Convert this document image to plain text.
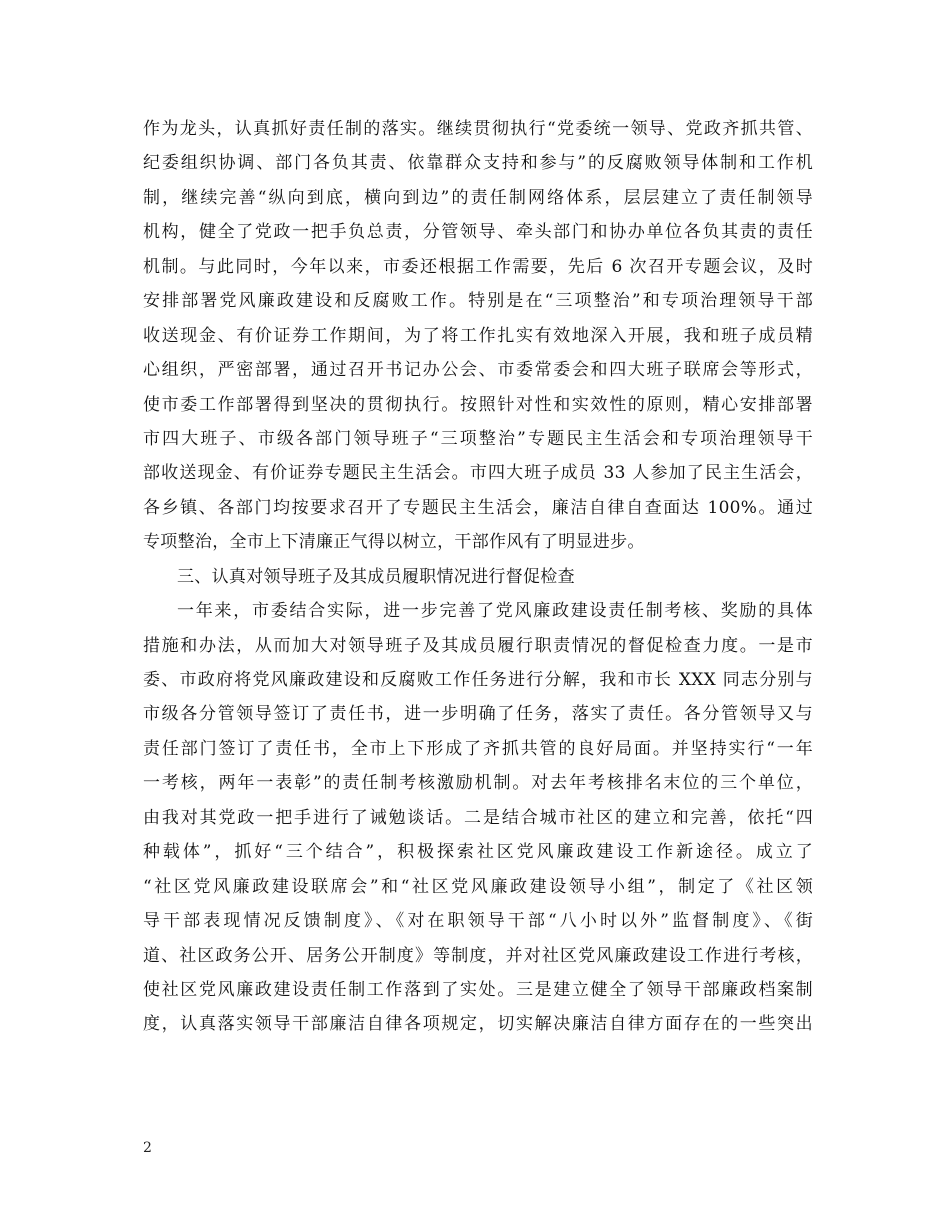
作为龙头，认真抓好责任制的落实。继续贯彻执行“党委统一领导、党政齐抓共管、
纪委组织协调、部门各负其责、依靠群众支持和参与”的反腐败领导体制和工作机
制，继续完善“纵向到底，横向到边”的责任制网络体系，层层建立了责任制领导
机构，健全了党政一把手负总责，分管领导、牵头部门和协办单位各负其责的责任
机制。与此同时，今年以来，市委还根据工作需要，先后 6 次召开专题会议，及时
安排部署党风廉政建设和反腐败工作。特别是在“三项整治”和专项治理领导干部
收送现金、有价证券工作期间，为了将工作扎实有效地深入开展，我和班子成员精
心组织，严密部署，通过召开书记办公会、市委常委会和四大班子联席会等形式，
使市委工作部署得到坚决的贯彻执行。按照针对性和实效性的原则，精心安排部署
市四大班子、市级各部门领导班子“三项整治”专题民主生活会和专项治理领导干
部收送现金、有价证券专题民主生活会。市四大班子成员 33 人参加了民主生活会，
各乡镇、各部门均按要求召开了专题民主生活会，廉洁自律自查面达 100%。通过
专项整治，全市上下清廉正气得以树立，干部作风有了明显进步。
三、认真对领导班子及其成员履职情况进行督促检查
一年来，市委结合实际，进一步完善了党风廉政建设责任制考核、奖励的具体
措施和办法，从而加大对领导班子及其成员履行职责情况的督促检查力度。一是市
委、市政府将党风廉政建设和反腐败工作任务进行分解，我和市长 XXX 同志分别与
市级各分管领导签订了责任书，进一步明确了任务，落实了责任。各分管领导又与
责任部门签订了责任书，全市上下形成了齐抓共管的良好局面。并坚持实行“一年
一考核，两年一表彰”的责任制考核激励机制。对去年考核排名末位的三个单位，
由我对其党政一把手进行了诫勉谈话。二是结合城市社区的建立和完善，依托“四
种载体”，抓好“三个结合”，积极探索社区党风廉政建设工作新途径。成立了
“社区党风廉政建设联席会”和“社区党风廉政建设领导小组”，制定了《社区领
导干部表现情况反馈制度》、《对在职领导干部“八小时以外”监督制度》、《街
道、社区政务公开、居务公开制度》等制度，并对社区党风廉政建设工作进行考核，
使社区党风廉政建设责任制工作落到了实处。三是建立健全了领导干部廉政档案制
度，认真落实领导干部廉洁自律各项规定，切实解决廉洁自律方面存在的一些突出
2
